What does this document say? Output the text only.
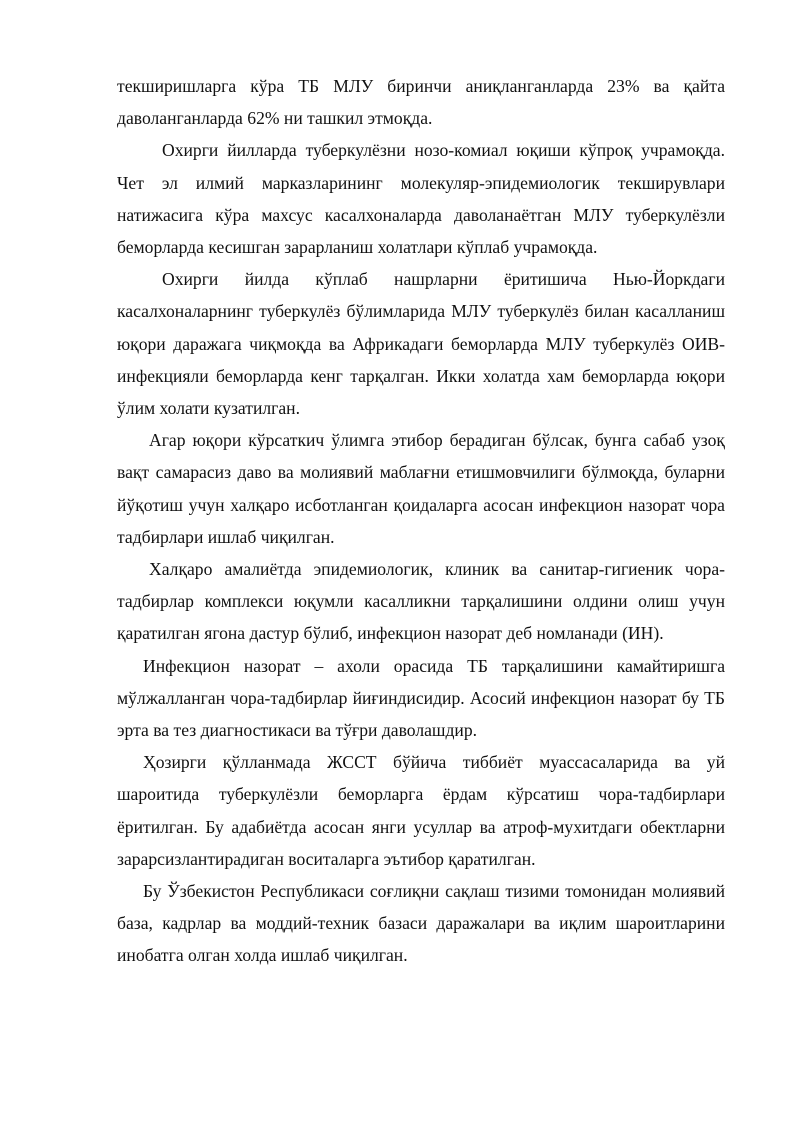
текширишларга кўра ТБ МЛУ биринчи аниқланганларда 23% ва қайта даволанганларда 62% ни ташкил этмоқда.

Охирги йилларда туберкулёзни нозо-комиал юқиши кўпроқ учрамоқда. Чет эл илмий марказларининг молекуляр-эпидемиологик текширувлари натижасига кўра махсус касалхоналарда даволанаётган МЛУ туберкулёзли беморларда кесишган зарарланиш холатлари кўплаб учрамоқда.

Охирги йилда кўплаб нашрларни ёритишича Нью-Йоркдаги касалхоналарнинг туберкулёз бўлимларида МЛУ туберкулёз билан касалланиш юқори даражага чиқмоқда ва Африкадаги беморларда МЛУ туберкулёз ОИВ-инфекцияли беморларда кенг тарқалган. Икки холатда хам беморларда юқори ўлим холати кузатилган.

Агар юқори кўрсаткич ўлимга этибор берадиган бўлсак, бунга сабаб узоқ вақт самарасиз даво ва молиявий маблағни етишмовчилиги бўлмоқда, буларни йўқотиш учун халқаро исботланган қоидаларга асосан инфекцион назорат чора тадбирлари ишлаб чиқилган.

Халқаро амалиётда эпидемиологик, клиник ва санитар-гигиеник чора-тадбирлар комплекси юқумли касалликни тарқалишини олдини олиш учун қаратилган ягона дастур бўлиб, инфекцион назорат деб номланади (ИН).

Инфекцион назорат – ахоли орасида ТБ тарқалишини камайтиришга мўлжалланган чора-тадбирлар йиғиндисидир. Асосий инфекцион назорат бу ТБ эрта ва тез диагностикаси ва тўғри даволашдир.

Ҳозирги қўлланмада ЖССТ бўйича тиббиёт муассасаларида ва уй шароитида туберкулёзли беморларга ёрдам кўрсатиш чора-тадбирлари ёритилган. Бу адабиётда асосан янги усуллар ва атроф-мухитдаги обектларни зарарсизлантирадиган воситаларга эътибор қаратилган.

Бу Ўзбекистон Республикаси соғлиқни сақлаш тизими томонидан молиявий база, кадрлар ва моддий-техник базаси даражалари ва иқлим шароитларини инобатга олган холда ишлаб чиқилган.
